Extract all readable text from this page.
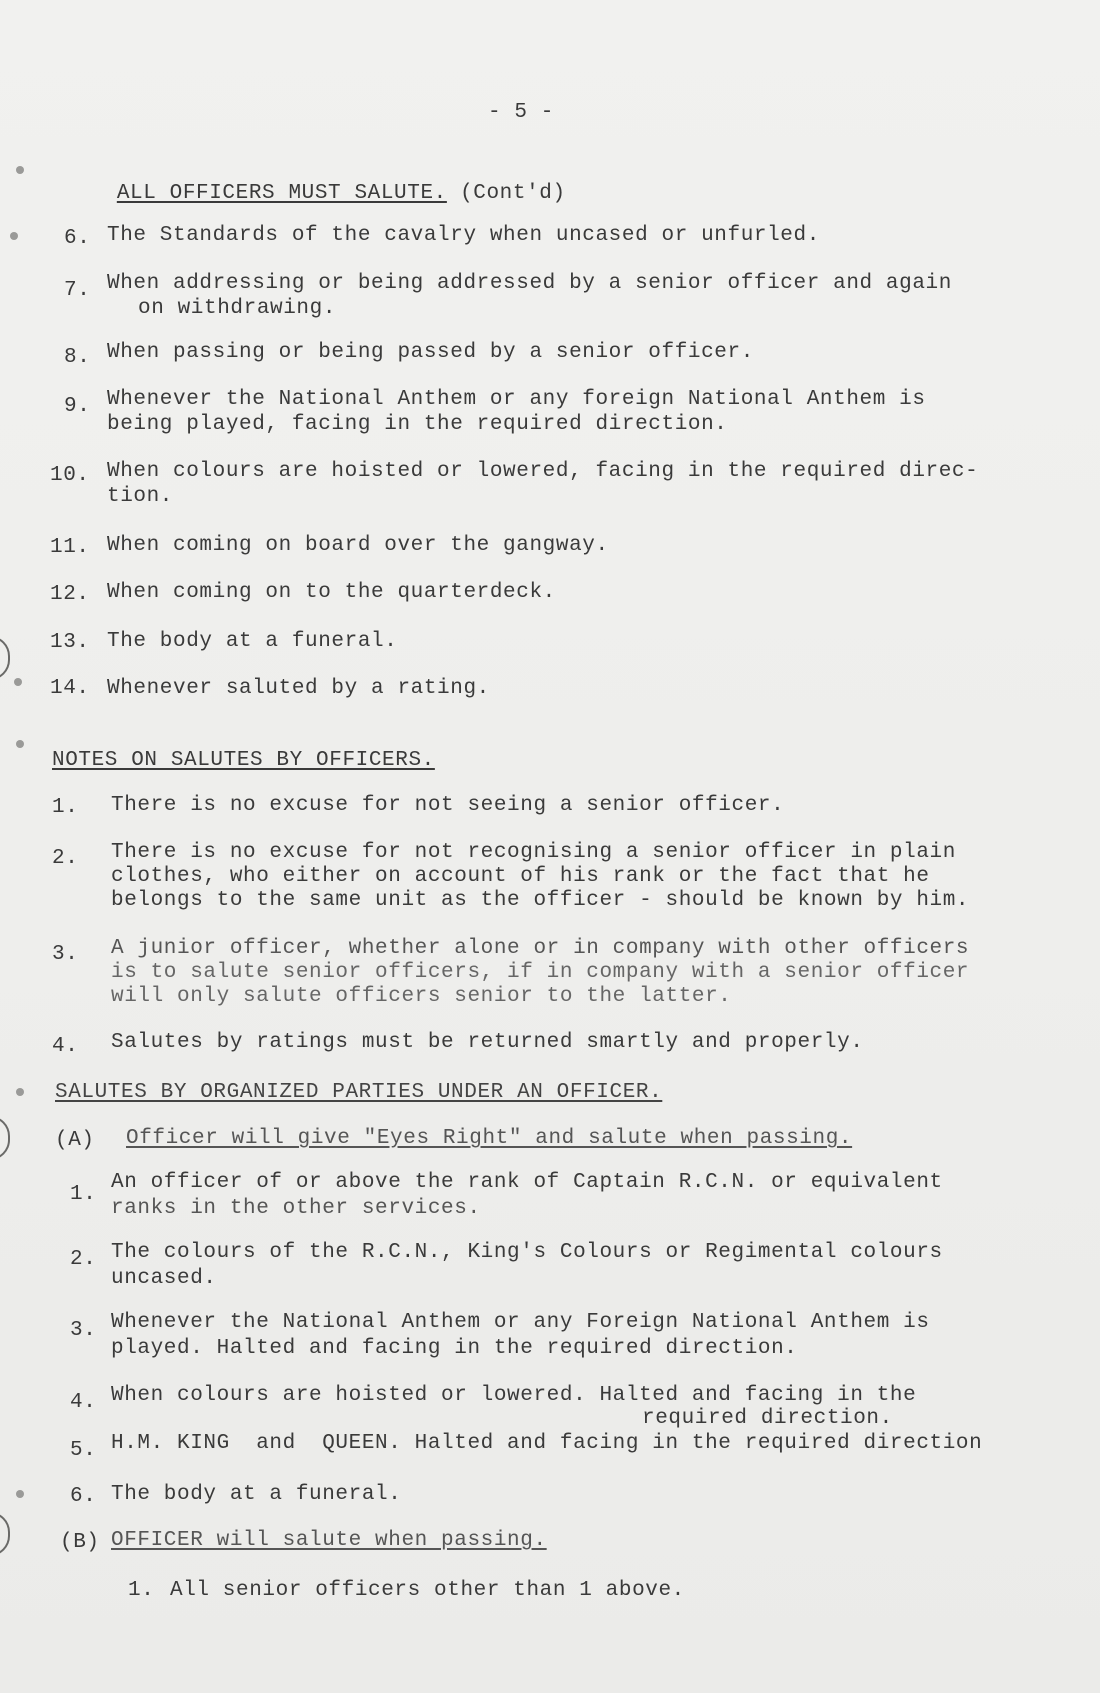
- 5 -

ALL OFFICERS MUST SALUTE. (Cont'd)

6. The Standards of the cavalry when uncased or unfurled.
7. When addressing or being addressed by a senior officer and again
on withdrawing.
8. When passing or being passed by a senior officer.
9. Whenever the National Anthem or any foreign National Anthem is
being played, facing in the required direction.
10. When colours are hoisted or lowered, facing in the required direc-
tion.
11. When coming on board over the gangway.
12. When coming on to the quarterdeck.
13. The body at a funeral.
14. Whenever saluted by a rating.
NOTES ON SALUTES BY OFFICERS.
1. There is no excuse for not seeing a senior officer.
2. There is no excuse for not recognising a senior officer in plain
clothes, who either on account of his rank or the fact that he
belongs to the same unit as the officer - should be known by him.
3. A junior officer, whether alone or in company with other officers
is to salute senior officers, if in company with a senior officer
will only salute officers senior to the latter.
4. Salutes by ratings must be returned smartly and properly.
SALUTES BY ORGANIZED PARTIES UNDER AN OFFICER.
(A) Officer will give "Eyes Right" and salute when passing.
1.
An officer of or above the rank of Captain R.C.N. or equivalent
ranks in the other services.
2. The colours of the R.C.N., King's Colours or Regimental colours
uncased.
3. Whenever the National Anthem or any Foreign National Anthem is
played. Halted and facing in the required direction.
4. When colours are hoisted or lowered. Halted and facing in the
required direction.
5. H.M. KING  and  QUEEN. Halted and facing in the required direction
6. The body at a funeral.
(B) OFFICER will salute when passing.
1. All senior officers other than 1 above.
